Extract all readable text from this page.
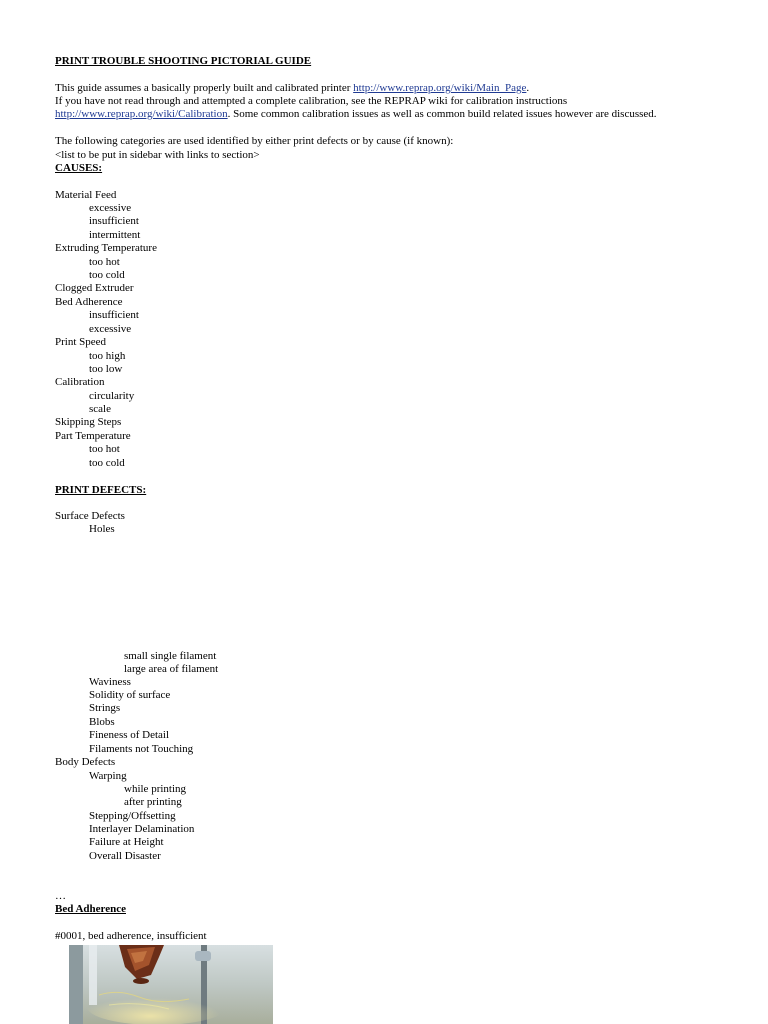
PRINT TROUBLE SHOOTING PICTORIAL GUIDE
This guide assumes a basically properly built and calibrated printer http://www.reprap.org/wiki/Main_Page.
If you have not read through and attempted a complete calibration, see the REPRAP wiki for calibration instructions
http://www.reprap.org/wiki/Calibration. Some common calibration issues as well as common build related issues however are discussed.
The following categories are used identified by either print defects or by cause (if known):
<list to be put in sidebar with links to section>
CAUSES:
Material Feed
excessive
insufficient
intermittent
Extruding Temperature
too hot
too cold
Clogged Extruder
Bed Adherence
insufficient
excessive
Print Speed
too high
too low
Calibration
circularity
scale
Skipping Steps
Part Temperature
too hot
too cold
PRINT DEFECTS:
Surface Defects
Holes
small single filament
large area of filament
Waviness
Solidity of surface
Strings
Blobs
Fineness of Detail
Filaments not Touching
Body Defects
Warping
while printing
after printing
Stepping/Offsetting
Interlayer Delamination
Failure at Height
Overall Disaster
…
Bed Adherence
#0001, bed adherence, insufficient
